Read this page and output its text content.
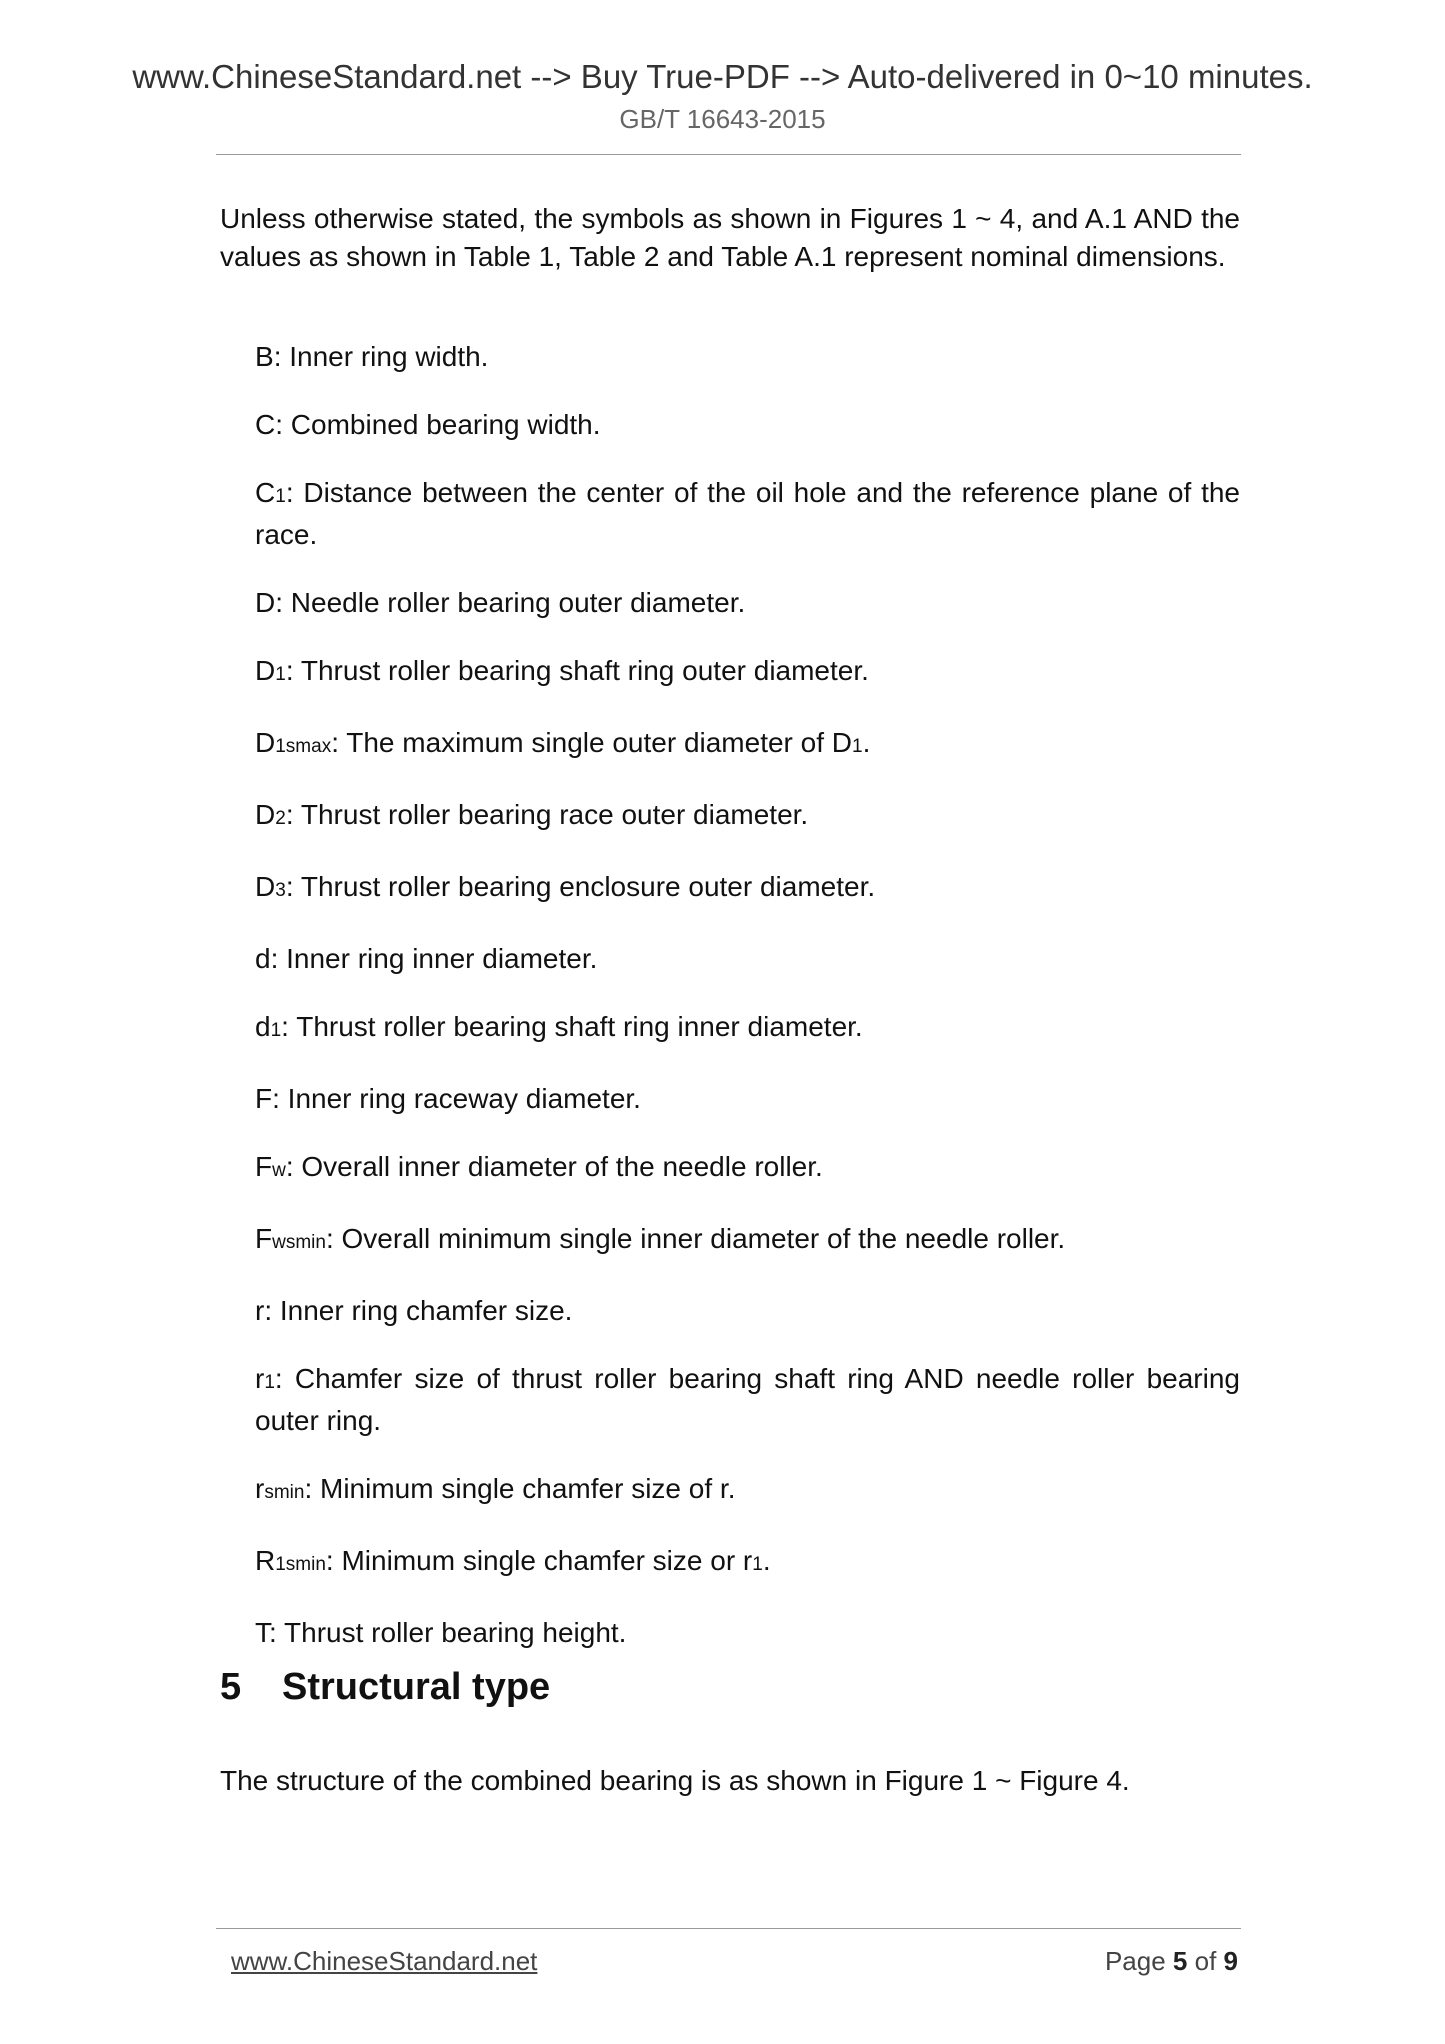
www.ChineseStandard.net --> Buy True-PDF --> Auto-delivered in 0~10 minutes.
GB/T 16643-2015

Unless otherwise stated, the symbols as shown in Figures 1 ~ 4, and A.1 AND the values as shown in Table 1, Table 2 and Table A.1 represent nominal dimensions.

B: Inner ring width.
C: Combined bearing width.
C1: Distance between the center of the oil hole and the reference plane of the race.
D: Needle roller bearing outer diameter.
D1: Thrust roller bearing shaft ring outer diameter.
D1smax: The maximum single outer diameter of D1.
D2: Thrust roller bearing race outer diameter.
D3: Thrust roller bearing enclosure outer diameter.
d: Inner ring inner diameter.
d1: Thrust roller bearing shaft ring inner diameter.
F: Inner ring raceway diameter.
Fw: Overall inner diameter of the needle roller.
Fwsmin: Overall minimum single inner diameter of the needle roller.
r: Inner ring chamfer size.
r1: Chamfer size of thrust roller bearing shaft ring AND needle roller bearing outer ring.
rsmin: Minimum single chamfer size of r.
R1smin: Minimum single chamfer size or r1.
T: Thrust roller bearing height.
5 Structural type

The structure of the combined bearing is as shown in Figure 1 ~ Figure 4.

www.ChineseStandard.net	Page 5 of 9
